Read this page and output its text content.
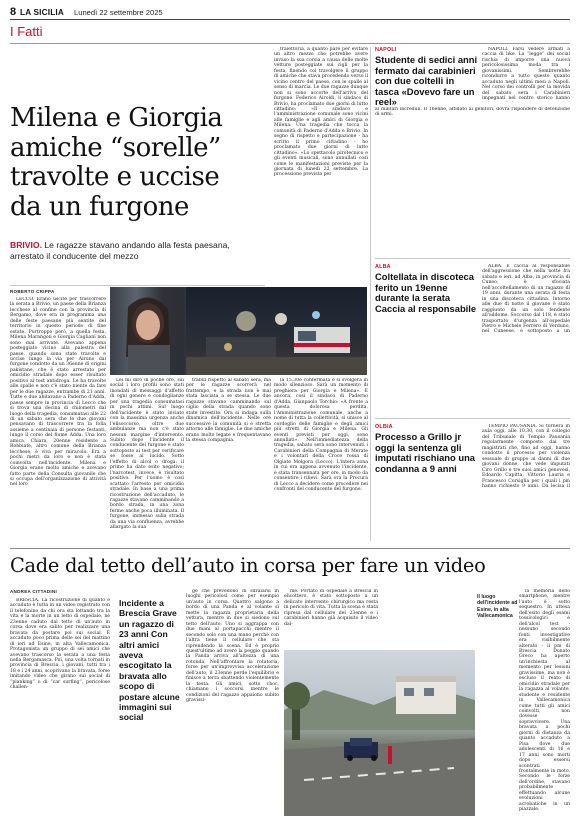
8 LA SICILIA Lunedì 22 settembre 2025
I Fatti
Milena e Giorgia
amiche “sorelle”
travolte e uccise
da un furgone
BRIVIO. Le ragazze stavano andando alla festa paesana, arrestato il conducente del mezzo
ROBERTO CRIPPA

LECCO. Erano uscite per trascorrere la serata a Brivio, un paese della Brianza lecchese al confine con la provincia di Bergamo, dove era in programma una delle feste paesane più sentite del territorio in questo periodo di fine estate. Purtroppo però, a quella festa, Milena Marangon e Giorgia Cagliani non sono mai arrivate. Avevano appena posteggiato vicino alla palestra del paese, quando sono state travolte e uccise lungo la via per Airuno dal furgone condotto da un 36enne di origini pakistane, che è stato arrestato per omicidio stradale dopo esser risultato positivo al test antidroga. Le ha travolte alle spalle e non c'è stato niente da fare per le due ragazze, entrambe di 21 anni. Tutte e due abitavano a Paderno d'Adda, paese sempre in provincia di Lecco che si trova una decina di chilometri dal luogo della tragedia, consumatasi alle 22 di un sabato sera che le due giovani pensavano di trascorrere tra la folla assieme a centinaia di persone festanti, lungo il corso del fiume Adda. Una loro amica, Chiara, 20enne residente a Robbiate, altro comune della Brianza lecchese, è viva per miracolo. Era a pochi metri da loro e non è stata coinvolta nell'incidente. Milena e Giorgia erano molto amiche e avevano fatto parte della Consulta giovanile che si occupa dell'organizzazione di attività nel loro

Lei mi diro di poche ore, sui social i loro profili sono stati inondati di messaggi d'affetto di ogni genere e condoglianze per una tragedia consumatasi in pochi attimi. Sul luogo dell'incidente è stato inviato con la massima urgenza anche l'elisoccorso, oltre due ambulanze ma non c'è stato nessun margine d'intervento. Subito dopo l'incidente il conducente del furgone è stato sottoposto ai test per verificare se fosse al lucido. Sotto l'effetto di alcol o droga: il primo ha dato esito negativo; l'narcotest, invece, è risultato positivo. Per l'uomo è così scattato l'arresto per omicidio stradale. In base a una prima ricostruzione dell'accaduto, le ragazze stavano camminando a bordo strada, in una zona ferme anche poca illuminata. Il furgone, immesso sulla strada da una via confluenza, avrebbe allargato la sua

trabili rispetto al sabato sera, ma per le ragazze scorrerà nel frattempo, e la strada non è mai stata lasciata a se stessa. Le due ragazze stavano camminando sul ciglio della strada quando sono state investite. Ora si indaga sulla dinamica dell'incidente. Nelle ore successive la comunità si è stretta attorno alle famiglie. Le due amiche erano molto legate e frequentavano la stessa compagnia.

traiettoria, a quanto pare per evitare un altro mezzo che potrebbe avere invaso la sua corsia a causa delle molte vetture posteggiate sui cigli per la festa, finendo col travolgere il gruppo di amiche che stava procedendo verso il vicino centro del paese, con le spalle al senso di marcia. Le due ragazze dunque non si sono accorte dell'arrivo del furgone. Federico Airoldi, il sindaco di Brivio, ha proclamato due giorni di lutto cittadino: «Il sindaco e l'amministrazione comunale sono vicini alle famiglie e agli amici di Giorgia e Milena. Una tragedia che tocca la comunità di Paderno d'Adda e Brivio. In segno di rispetto e partecipazione - ha scritto il primo cittadino - ho proclamato due giorni di lutto cittadino». «Lo spettacolo pirotecnico e gli eventi musicali, sono annullati così come le manifestazioni previste per la giornata di lunedì 22 settembre. La processione prevista per

la 15.30è confermata e si svolgerà in modo silenzioso. Sarà un momento di preghiera per Giorgia e Milena». E ancora, così il sindaco di Paderno d'Adda, Gianpaolo Torchio: «A fronte a questa dolorosa perdita, l'Amministrazione comunale, anche a nome di tutta la collettività, si unisce al cordoglio delle famiglie e degli amici più stretti di Giorgia e Milena. Gli eventi previsti per oggi, sono annullati». Nell'immediatezza della tragedia, sabato sera sono intervenuti i Carabinieri della Compagnia di Merate e i volontari della Croce rossa di Olgiate Molgora (Lecco). L'intera zona in cui era appena avvenuto l'incidente, è stata transennata per ore, in modo da consentire i rilievi. Sarà ora la Procura di Lecco a decidere come procedere nei confronti del conducente del furgone.

NAPOLI
Studente di sedici anni fermato dai carabinieri con due coltelli in tasca «Dovevo fare un reel»

NAPOLI. Farsi vedere armati a caccia di like. La “legge” dei social rischia di imporre una nuova pericolosissima moda tra i giovanissimi. Sembrerebbe ricondurre a tutto questo quanto accaduto negli ultimi mesi a Napoli. Nel corso dei controlli per la movida del sabato sera i Carabinieri impegnati nel centro storico hanno

ai militari increduli. Il 16enne, affidato ai genitori, dovrà rispondere di detenzione di armi.

ALBA
Coltellata in discoteca ferito un 19enne durante la serata Caccia al responsabile

ALBA. È caccia al responsabile dell'aggressione che nella notte fra sabato e ieri, ad Alba, in provincia di Cuneo, è sfociata nell'accoltellamento di un ragazzo di 19 anni, durante una serata di festa in una discoteca cittadina. Intorno alle due di notte il giovane è stato raggiunto da un solo fendente all'addome. Soccorso dal 118, è stato trasportato d'urgenza all'ospedale Pietro e Michele Ferrero di Verduno, nel Cuneese, e sottoposto a un

OLBIA
Processo a Grillo jr oggi la sentenza gli imputati rischiano una condanna a 9 anni

TEMPIO PAUSANIA. Si tornerà in aula oggi, alle 10.30, con il collegio del Tribunale di Tempio Pausania regolarmente composto dai tre magistrati che, fino ad oggi, hanno condotto il processo per violenza sessuale di gruppo ai danni di due giovani donne, che vede imputati Ciro Grillo e tre suoi amici genovesi, Edoardo Capitta, Vittorio Lauria e Francesco Corsiglia per i quali i pm hanno richiesto 9 anni. Da lecisa il

Cade dal tetto dell’auto in corsa per fare un video
ANDREA CITTADINI

BRESCIA. La ricostruzione di quanto è accaduto è tutta in un video registrato con il telefonino da chi ora sta lottando tra la vita e la morte in un letto di ospedale, né 23enne caduto dal tetto di un'auto in corsa dove era salito per realizzare una bravata da postare poi sui social. È accaduto poco prima delle sei del mattino di ieri ad Esine, in alta Vallecamonica. Protagonista un gruppo di sei amici che avevano trascorso la serata a una festa nella Bergamasca. Poi, una volta tornati in provincia di Brescia, i giovani, tutti tra i 18 e i 24 anni, scoprivano la bravata, forse imitando video che girano sui social di “planking” o di “car surfing”, pericolose challen-

Incidente a Brescia Grave un ragazzo di 23 anni Con altri amici aveva escogitato la bravata allo scopo di postare alcune immagini sui social

ge che prevedono di sdraiarsi in luoghi pericolosi come per esempio un'auto in corsa. Quattro salgono a bordo di una Panda e al volante si mette la ragazza proprietaria della vettura, mentre in due si siedono sul tetto dell'auto. Uno si aggrappa con due mani al portapacchi mentre il secondo solo con una mano perché con l'altra tiene il cellulare che sta riprendendo la scena. Ed è proprio quest'ultimo ad avere la peggio quando la Panda arriva all'altezza di una rotonda. Nell'affrontare la rotatoria, forse per un'improvvisa accelerazione dell'auto, il 23enne perde l'equilibrio e finisce a terra sbattendo violentemente la testa. Gli amici, sotto choc, chiamano i soccorsi mentre le condizioni del ragazzo appaiono subito gravissi-

me. Portato in ospedale a Brescia in elicottero, è stato sottoposto a un delicato intervento chirurgico ma resta in pericolo di vita. Tutta la scena è stata ripresa dal cellulare del 23enne e i carabinieri hanno già acquisito il video dal-

Il luogo dell'incidente ad Esine, in alta Vallecamonica

la memoria dello smartphone, mentre l'auto è sotto sequestro. In attesa dell'esito degli esami tossicologici e dell'alcol test - nessuno secondo fonti investigative era visibilmente alterato - il pm di Brescia Donato Greco ha aperto un'inchiesta al momento per lesioni gravissime, ma non è escluso il reato di omicidio stradale per la ragazza al volante, studente e residente in Vallecamonica come tutti gli amici coinvolti, non dovesse sopravvivere. Una bravata a pochi giorni di distanza da quanto accaduto a Pisa dove due adolescenti di 16 e 17 anni sono morti dopo essersi scontrati frontalmente in moto. Secondo le forze dell'ordine, stavano probabilmente effettuando alcune evoluzioni acrobatiche in un piazzale.
